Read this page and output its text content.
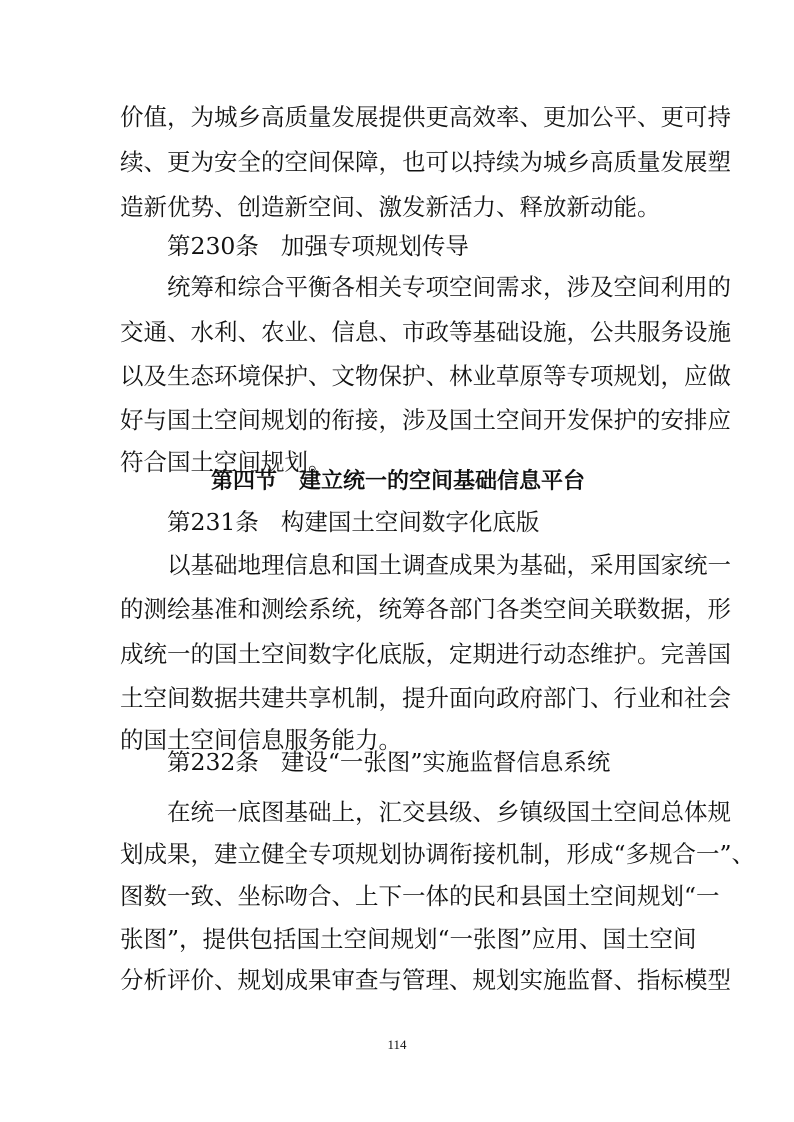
价值，为城乡高质量发展提供更高效率、更加公平、更可持
续、更为安全的空间保障，也可以持续为城乡高质量发展塑
造新优势、创造新空间、激发新活力、释放新动能。
第230条 加强专项规划传导
统筹和综合平衡各相关专项空间需求，涉及空间利用的
交通、水利、农业、信息、市政等基础设施，公共服务设施
以及生态环境保护、文物保护、林业草原等专项规划，应做
好与国土空间规划的衔接，涉及国土空间开发保护的安排应
符合国土空间规划。
第四节　建立统一的空间基础信息平台
第231条 构建国土空间数字化底版
以基础地理信息和国土调查成果为基础，采用国家统一
的测绘基准和测绘系统，统筹各部门各类空间关联数据，形
成统一的国土空间数字化底版，定期进行动态维护。完善国
土空间数据共建共享机制，提升面向政府部门、行业和社会
的国土空间信息服务能力。
第232条 建设“一张图”实施监督信息系统
在统一底图基础上，汇交县级、乡镇级国土空间总体规
划成果，建立健全专项规划协调衔接机制，形成“多规合一”、
图数一致、坐标吻合、上下一体的民和县国土空间规划“一
张图”，提供包括国土空间规划“一张图”应用、国土空间
分析评价、规划成果审查与管理、规划实施监督、指标模型
114
